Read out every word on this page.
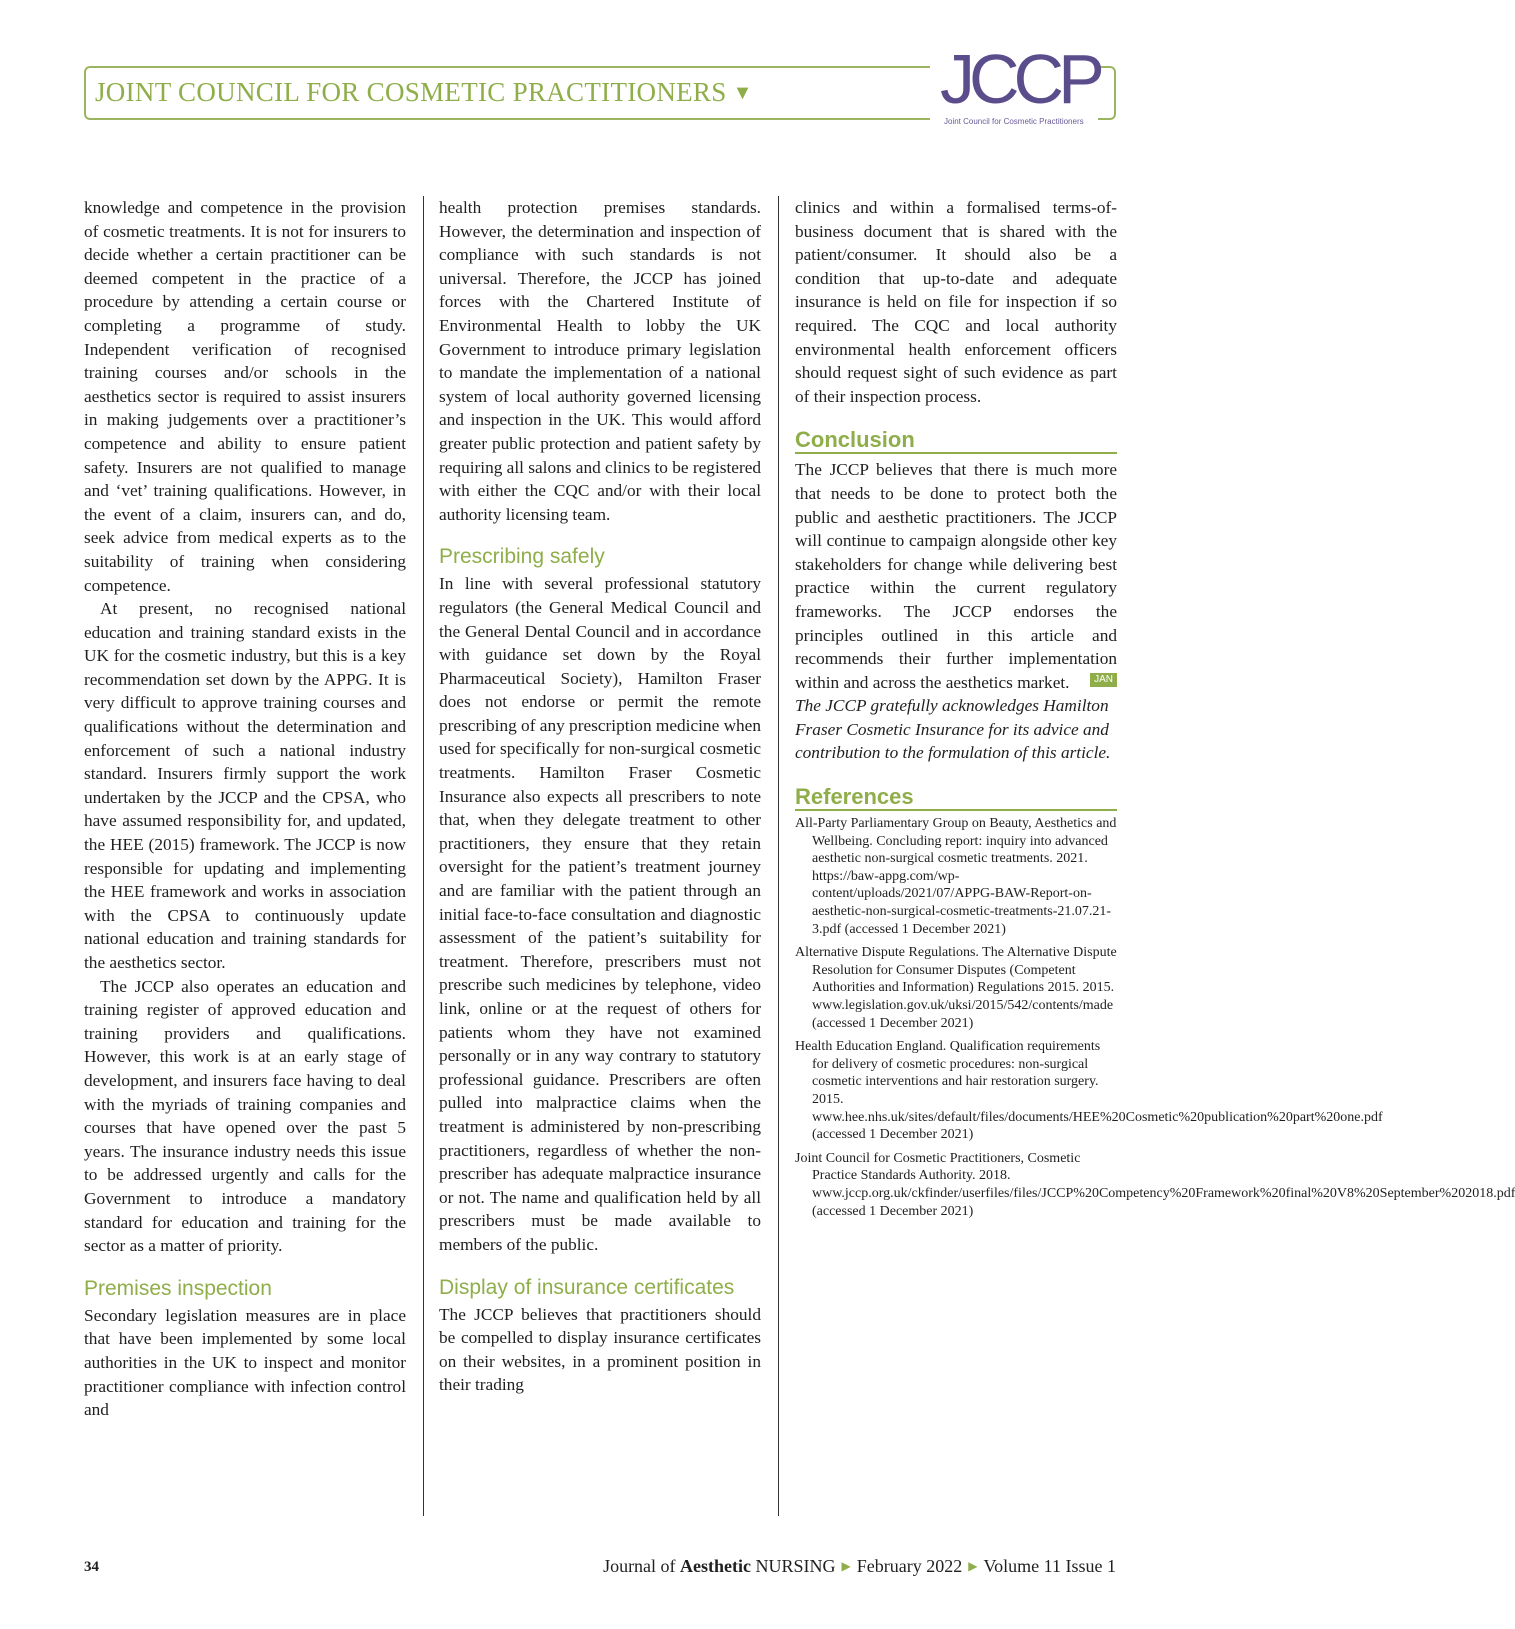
JOINT COUNCIL FOR COSMETIC PRACTITIONERS ▼	JCCP
Joint Council for Cosmetic Practitioners

knowledge and competence in the provision of cosmetic treatments. It is not for insurers to decide whether a certain practitioner can be deemed competent in the practice of a procedure by attending a certain course or completing a programme of study. Independent verification of recognised training courses and/or schools in the aesthetics sector is required to assist insurers in making judgements over a practitioner’s competence and ability to ensure patient safety. Insurers are not qualified to manage and ‘vet’ training qualifications. However, in the event of a claim, insurers can, and do, seek advice from medical experts as to the suitability of training when considering competence.

At present, no recognised national education and training standard exists in the UK for the cosmetic industry, but this is a key recommendation set down by the APPG. It is very difficult to approve training courses and qualifications without the determination and enforcement of such a national industry standard. Insurers firmly support the work undertaken by the JCCP and the CPSA, who have assumed responsibility for, and updated, the HEE (2015) framework. The JCCP is now responsible for updating and implementing the HEE framework and works in association with the CPSA to continuously update national education and training standards for the aesthetics sector.

The JCCP also operates an education and training register of approved education and training providers and qualifications. However, this work is at an early stage of development, and insurers face having to deal with the myriads of training companies and courses that have opened over the past 5 years. The insurance industry needs this issue to be addressed urgently and calls for the Government to introduce a mandatory standard for education and training for the sector as a matter of priority.

Premises inspection

Secondary legislation measures are in place that have been implemented by some local authorities in the UK to inspect and monitor practitioner compliance with infection control and

health protection premises standards. However, the determination and inspection of compliance with such standards is not universal. Therefore, the JCCP has joined forces with the Chartered Institute of Environmental Health to lobby the UK Government to introduce primary legislation to mandate the implementation of a national system of local authority governed licensing and inspection in the UK. This would afford greater public protection and patient safety by requiring all salons and clinics to be registered with either the CQC and/or with their local authority licensing team.

Prescribing safely

In line with several professional statutory regulators (the General Medical Council and the General Dental Council and in accordance with guidance set down by the Royal Pharmaceutical Society), Hamilton Fraser does not endorse or permit the remote prescribing of any prescription medicine when used for specifically for non-surgical cosmetic treatments. Hamilton Fraser Cosmetic Insurance also expects all prescribers to note that, when they delegate treatment to other practitioners, they ensure that they retain oversight for the patient’s treatment journey and are familiar with the patient through an initial face-to-face consultation and diagnostic assessment of the patient’s suitability for treatment. Therefore, prescribers must not prescribe such medicines by telephone, video link, online or at the request of others for patients whom they have not examined personally or in any way contrary to statutory professional guidance. Prescribers are often pulled into malpractice claims when the treatment is administered by non-prescribing practitioners, regardless of whether the non-prescriber has adequate malpractice insurance or not. The name and qualification held by all prescribers must be made available to members of the public.

Display of insurance certificates

The JCCP believes that practitioners should be compelled to display insurance certificates on their websites, in a prominent position in their trading

clinics and within a formalised terms-of-business document that is shared with the patient/consumer. It should also be a condition that up-to-date and adequate insurance is held on file for inspection if so required. The CQC and local authority environmental health enforcement officers should request sight of such evidence as part of their inspection process.

Conclusion

The JCCP believes that there is much more that needs to be done to protect both the public and aesthetic practitioners. The JCCP will continue to campaign alongside other key stakeholders for change while delivering best practice within the current regulatory frameworks. The JCCP endorses the principles outlined in this article and recommends their further implementation within and across the aesthetics market.	JAN

The JCCP gratefully acknowledges Hamilton Fraser Cosmetic Insurance for its advice and contribution to the formulation of this article.

References
All-Party Parliamentary Group on Beauty, Aesthetics and Wellbeing. Concluding report: inquiry into advanced aesthetic non-surgical cosmetic treatments. 2021. https://baw-appg.com/wp-content/uploads/2021/07/APPG-BAW-Report-on-aesthetic-non-surgical-cosmetic-treatments-21.07.21-3.pdf (accessed 1 December 2021)
Alternative Dispute Regulations. The Alternative Dispute Resolution for Consumer Disputes (Competent Authorities and Information) Regulations 2015. 2015. www.legislation.gov.uk/uksi/2015/542/contents/made (accessed 1 December 2021)
Health Education England. Qualification requirements for delivery of cosmetic procedures: non-surgical cosmetic interventions and hair restoration surgery. 2015. www.hee.nhs.uk/sites/default/files/documents/HEE%20Cosmetic%20publication%20part%20one.pdf (accessed 1 December 2021)
Joint Council for Cosmetic Practitioners, Cosmetic Practice Standards Authority. 2018. www.jccp.org.uk/ckfinder/userfiles/files/JCCP%20Competency%20Framework%20final%20V8%20September%202018.pdf (accessed 1 December 2021)
34	Journal of Aesthetic NURSING ▶ February 2022 ▶ Volume 11 Issue 1
